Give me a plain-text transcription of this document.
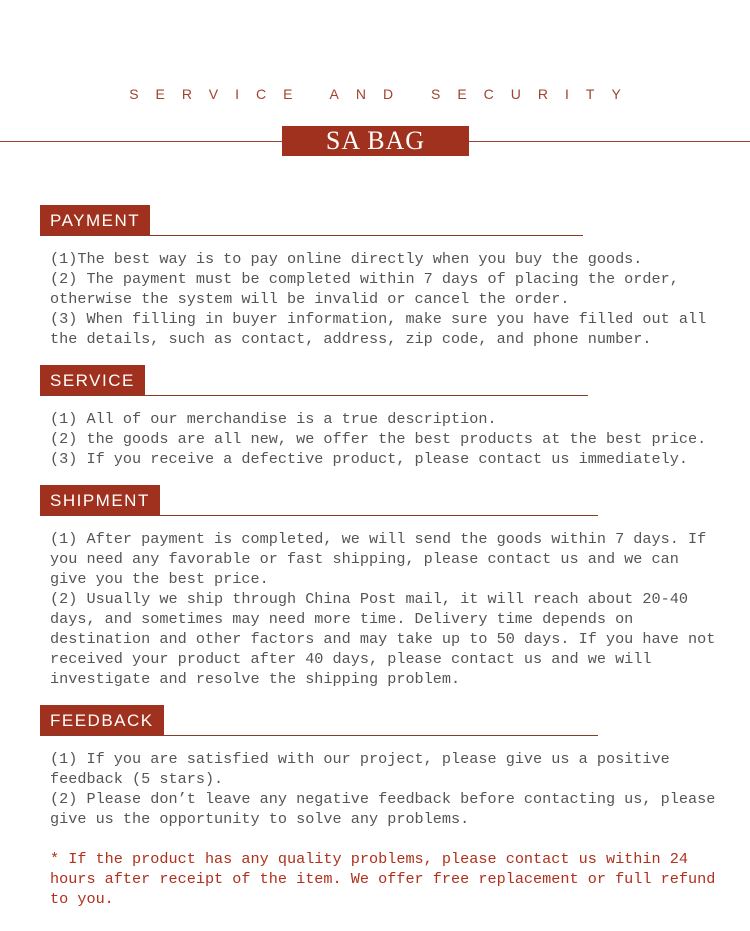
SERVICE AND SECURITY
SA BAG
PAYMENT
(1)The best way is to pay online directly when you buy the goods.
(2) The payment must be completed within 7 days of placing the order,
otherwise the system will be invalid or cancel the order.
(3) When filling in buyer information, make sure you have filled out all
the details, such as contact, address, zip code, and phone number.
SERVICE
(1) All of our merchandise is a true description.
(2) the goods are all new, we offer the best products at the best price.
(3) If you receive a defective product, please contact us immediately.
SHIPMENT
(1) After payment is completed, we will send the goods within 7 days. If
you need any favorable or fast shipping, please contact us and we can
give you the best price.
(2) Usually we ship through China Post mail, it will reach about 20-40
days, and sometimes may need more time. Delivery time depends on
destination and other factors and may take up to 50 days. If you have not
received your product after 40 days, please contact us and we will
investigate and resolve the shipping problem.
FEEDBACK
(1) If you are satisfied with our project, please give us a positive
feedback (5 stars).
(2) Please don’t leave any negative feedback before contacting us, please
give us the opportunity to solve any problems.
* If the product has any quality problems, please contact us within 24
hours after receipt of the item. We offer free replacement or full refund
to you.
